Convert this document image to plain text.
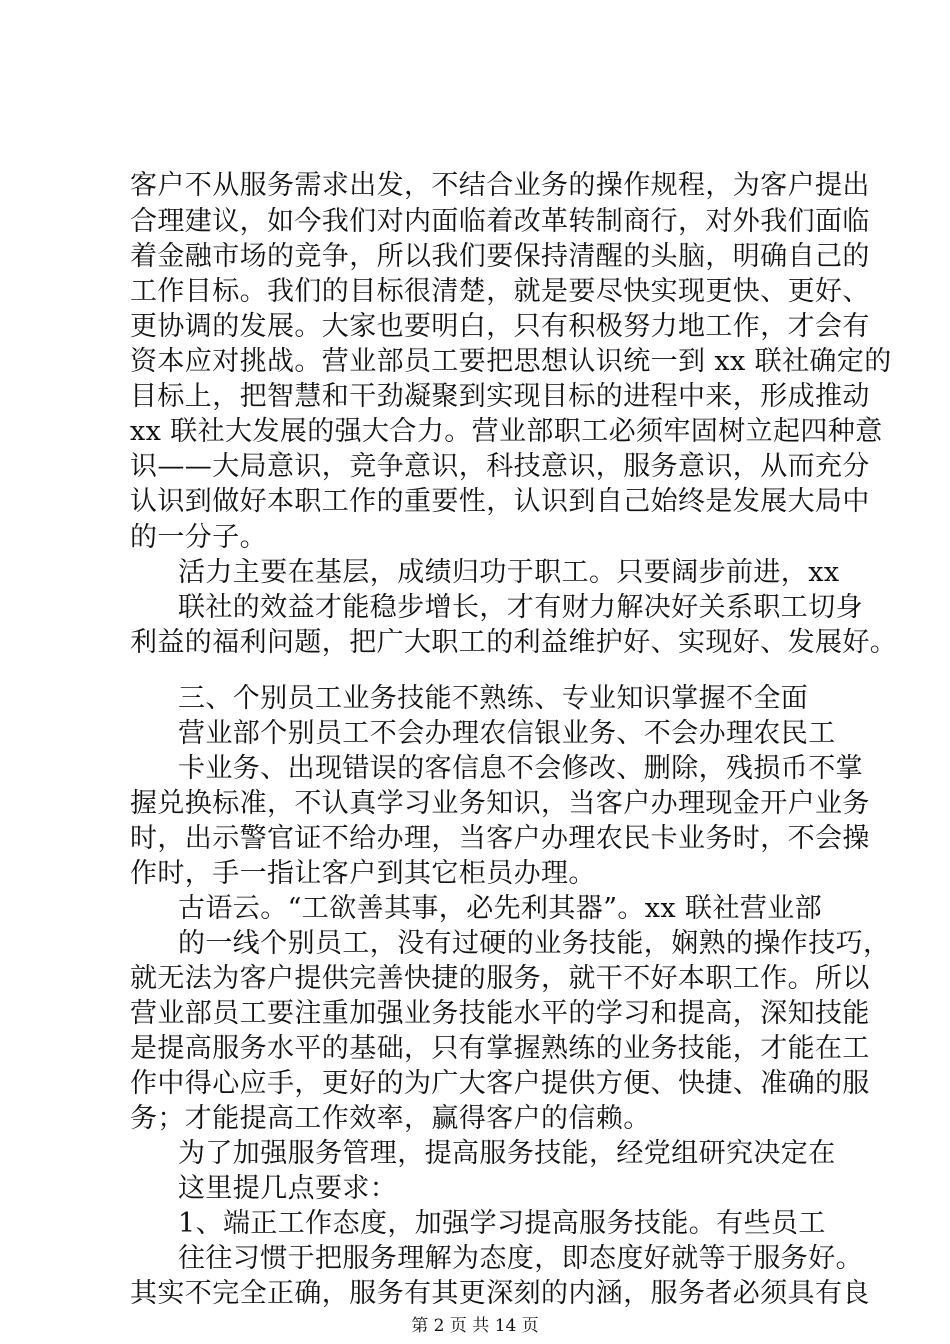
客户不从服务需求出发，不结合业务的操作规程，为客户提出
合理建议，如今我们对内面临着改革转制商行，对外我们面临
着金融市场的竞争，所以我们要保持清醒的头脑，明确自己的
工作目标。我们的目标很清楚，就是要尽快实现更快、更好、
更协调的发展。大家也要明白，只有积极努力地工作，才会有
资本应对挑战。营业部员工要把思想认识统一到 xx 联社确定的
目标上，把智慧和干劲凝聚到实现目标的进程中来，形成推动
xx 联社大发展的强大合力。营业部职工必须牢固树立起四种意
识——大局意识，竞争意识，科技意识，服务意识，从而充分
认识到做好本职工作的重要性，认识到自己始终是发展大局中
的一分子。
活力主要在基层，成绩归功于职工。只要阔步前进，xx
联社的效益才能稳步增长，才有财力解决好关系职工切身
利益的福利问题，把广大职工的利益维护好、实现好、发展好。
三、个别员工业务技能不熟练、专业知识掌握不全面
营业部个别员工不会办理农信银业务、不会办理农民工
卡业务、出现错误的客信息不会修改、删除，残损币不掌
握兑换标准，不认真学习业务知识，当客户办理现金开户业务
时，出示警官证不给办理，当客户办理农民卡业务时，不会操
作时，手一指让客户到其它柜员办理。
古语云。“工欲善其事，必先利其器”。xx 联社营业部
的一线个别员工，没有过硬的业务技能，娴熟的操作技巧，
就无法为客户提供完善快捷的服务，就干不好本职工作。所以
营业部员工要注重加强业务技能水平的学习和提高，深知技能
是提高服务水平的基础，只有掌握熟练的业务技能，才能在工
作中得心应手，更好的为广大客户提供方便、快捷、准确的服
务；才能提高工作效率，赢得客户的信赖。
为了加强服务管理，提高服务技能，经党组研究决定在
这里提几点要求：
1、端正工作态度，加强学习提高服务技能。有些员工
往往习惯于把服务理解为态度，即态度好就等于服务好。
其实不完全正确，服务有其更深刻的内涵，服务者必须具有良
第 2 页 共 14 页
